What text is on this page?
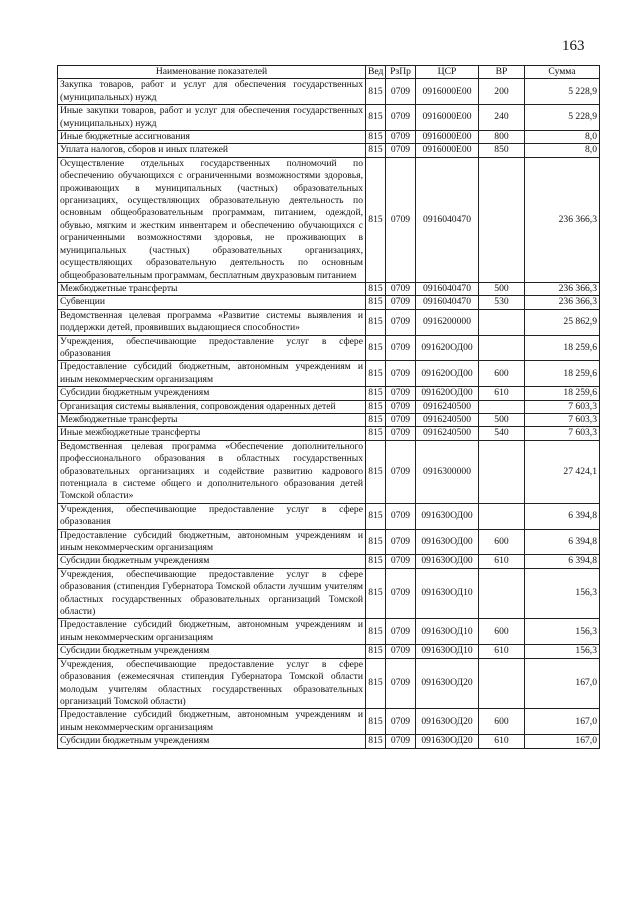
163
Наименование показателей	Вед	РзПр	ЦСР	ВР	Сумма
Закупка товаров, работ и услуг для обеспечения государственных (муниципальных) нужд	815	0709	0916000Е00	200	5 228,9
Иные закупки товаров, работ и услуг для обеспечения государственных (муниципальных) нужд	815	0709	0916000Е00	240	5 228,9
Иные бюджетные ассигнования	815	0709	0916000Е00	800	8,0
Уплата налогов, сборов и иных платежей	815	0709	0916000Е00	850	8,0
Осуществление отдельных государственных полномочий по обеспечению обучающихся с ограниченными возможностями здоровья, проживающих в муниципальных (частных) образовательных организациях, осуществляющих образовательную деятельность по основным общеобразовательным программам, питанием, одеждой, обувью, мягким и жестким инвентарем и обеспечению обучающихся с ограниченными возможностями здоровья, не проживающих в муниципальных (частных) образовательных организациях, осуществляющих образовательную деятельность по основным общеобразовательным программам, бесплатным двухразовым питанием	815	0709	0916040470		236 366,3
Межбюджетные трансферты	815	0709	0916040470	500	236 366,3
Субвенции	815	0709	0916040470	530	236 366,3
Ведомственная целевая программа «Развитие системы выявления и поддержки детей, проявивших выдающиеся способности»	815	0709	0916200000		25 862,9
Учреждения, обеспечивающие предоставление услуг в сфере образования	815	0709	091620ОД00		18 259,6
Предоставление субсидий бюджетным, автономным учреждениям и иным некоммерческим организациям	815	0709	091620ОД00	600	18 259,6
Субсидии бюджетным учреждениям	815	0709	091620ОД00	610	18 259,6
Организация системы выявления, сопровождения одаренных детей	815	0709	0916240500		7 603,3
Межбюджетные трансферты	815	0709	0916240500	500	7 603,3
Иные межбюджетные трансферты	815	0709	0916240500	540	7 603,3
Ведомственная целевая программа «Обеспечение дополнительного профессионального образования в областных государственных образовательных организациях и содействие развитию кадрового потенциала в системе общего и дополнительного образования детей Томской области»	815	0709	0916300000		27 424,1
Учреждения, обеспечивающие предоставление услуг в сфере образования	815	0709	091630ОД00		6 394,8
Предоставление субсидий бюджетным, автономным учреждениям и иным некоммерческим организациям	815	0709	091630ОД00	600	6 394,8
Субсидии бюджетным учреждениям	815	0709	091630ОД00	610	6 394,8
Учреждения, обеспечивающие предоставление услуг в сфере образования (стипендия Губернатора Томской области лучшим учителям областных государственных образовательных организаций Томской области)	815	0709	091630ОД10		156,3
Предоставление субсидий бюджетным, автономным учреждениям и иным некоммерческим организациям	815	0709	091630ОД10	600	156,3
Субсидии бюджетным учреждениям	815	0709	091630ОД10	610	156,3
Учреждения, обеспечивающие предоставление услуг в сфере образования (ежемесячная стипендия Губернатора Томской области молодым учителям областных государственных образовательных организаций Томской области)	815	0709	091630ОД20		167,0
Предоставление субсидий бюджетным, автономным учреждениям и иным некоммерческим организациям	815	0709	091630ОД20	600	167,0
Субсидии бюджетным учреждениям	815	0709	091630ОД20	610	167,0
